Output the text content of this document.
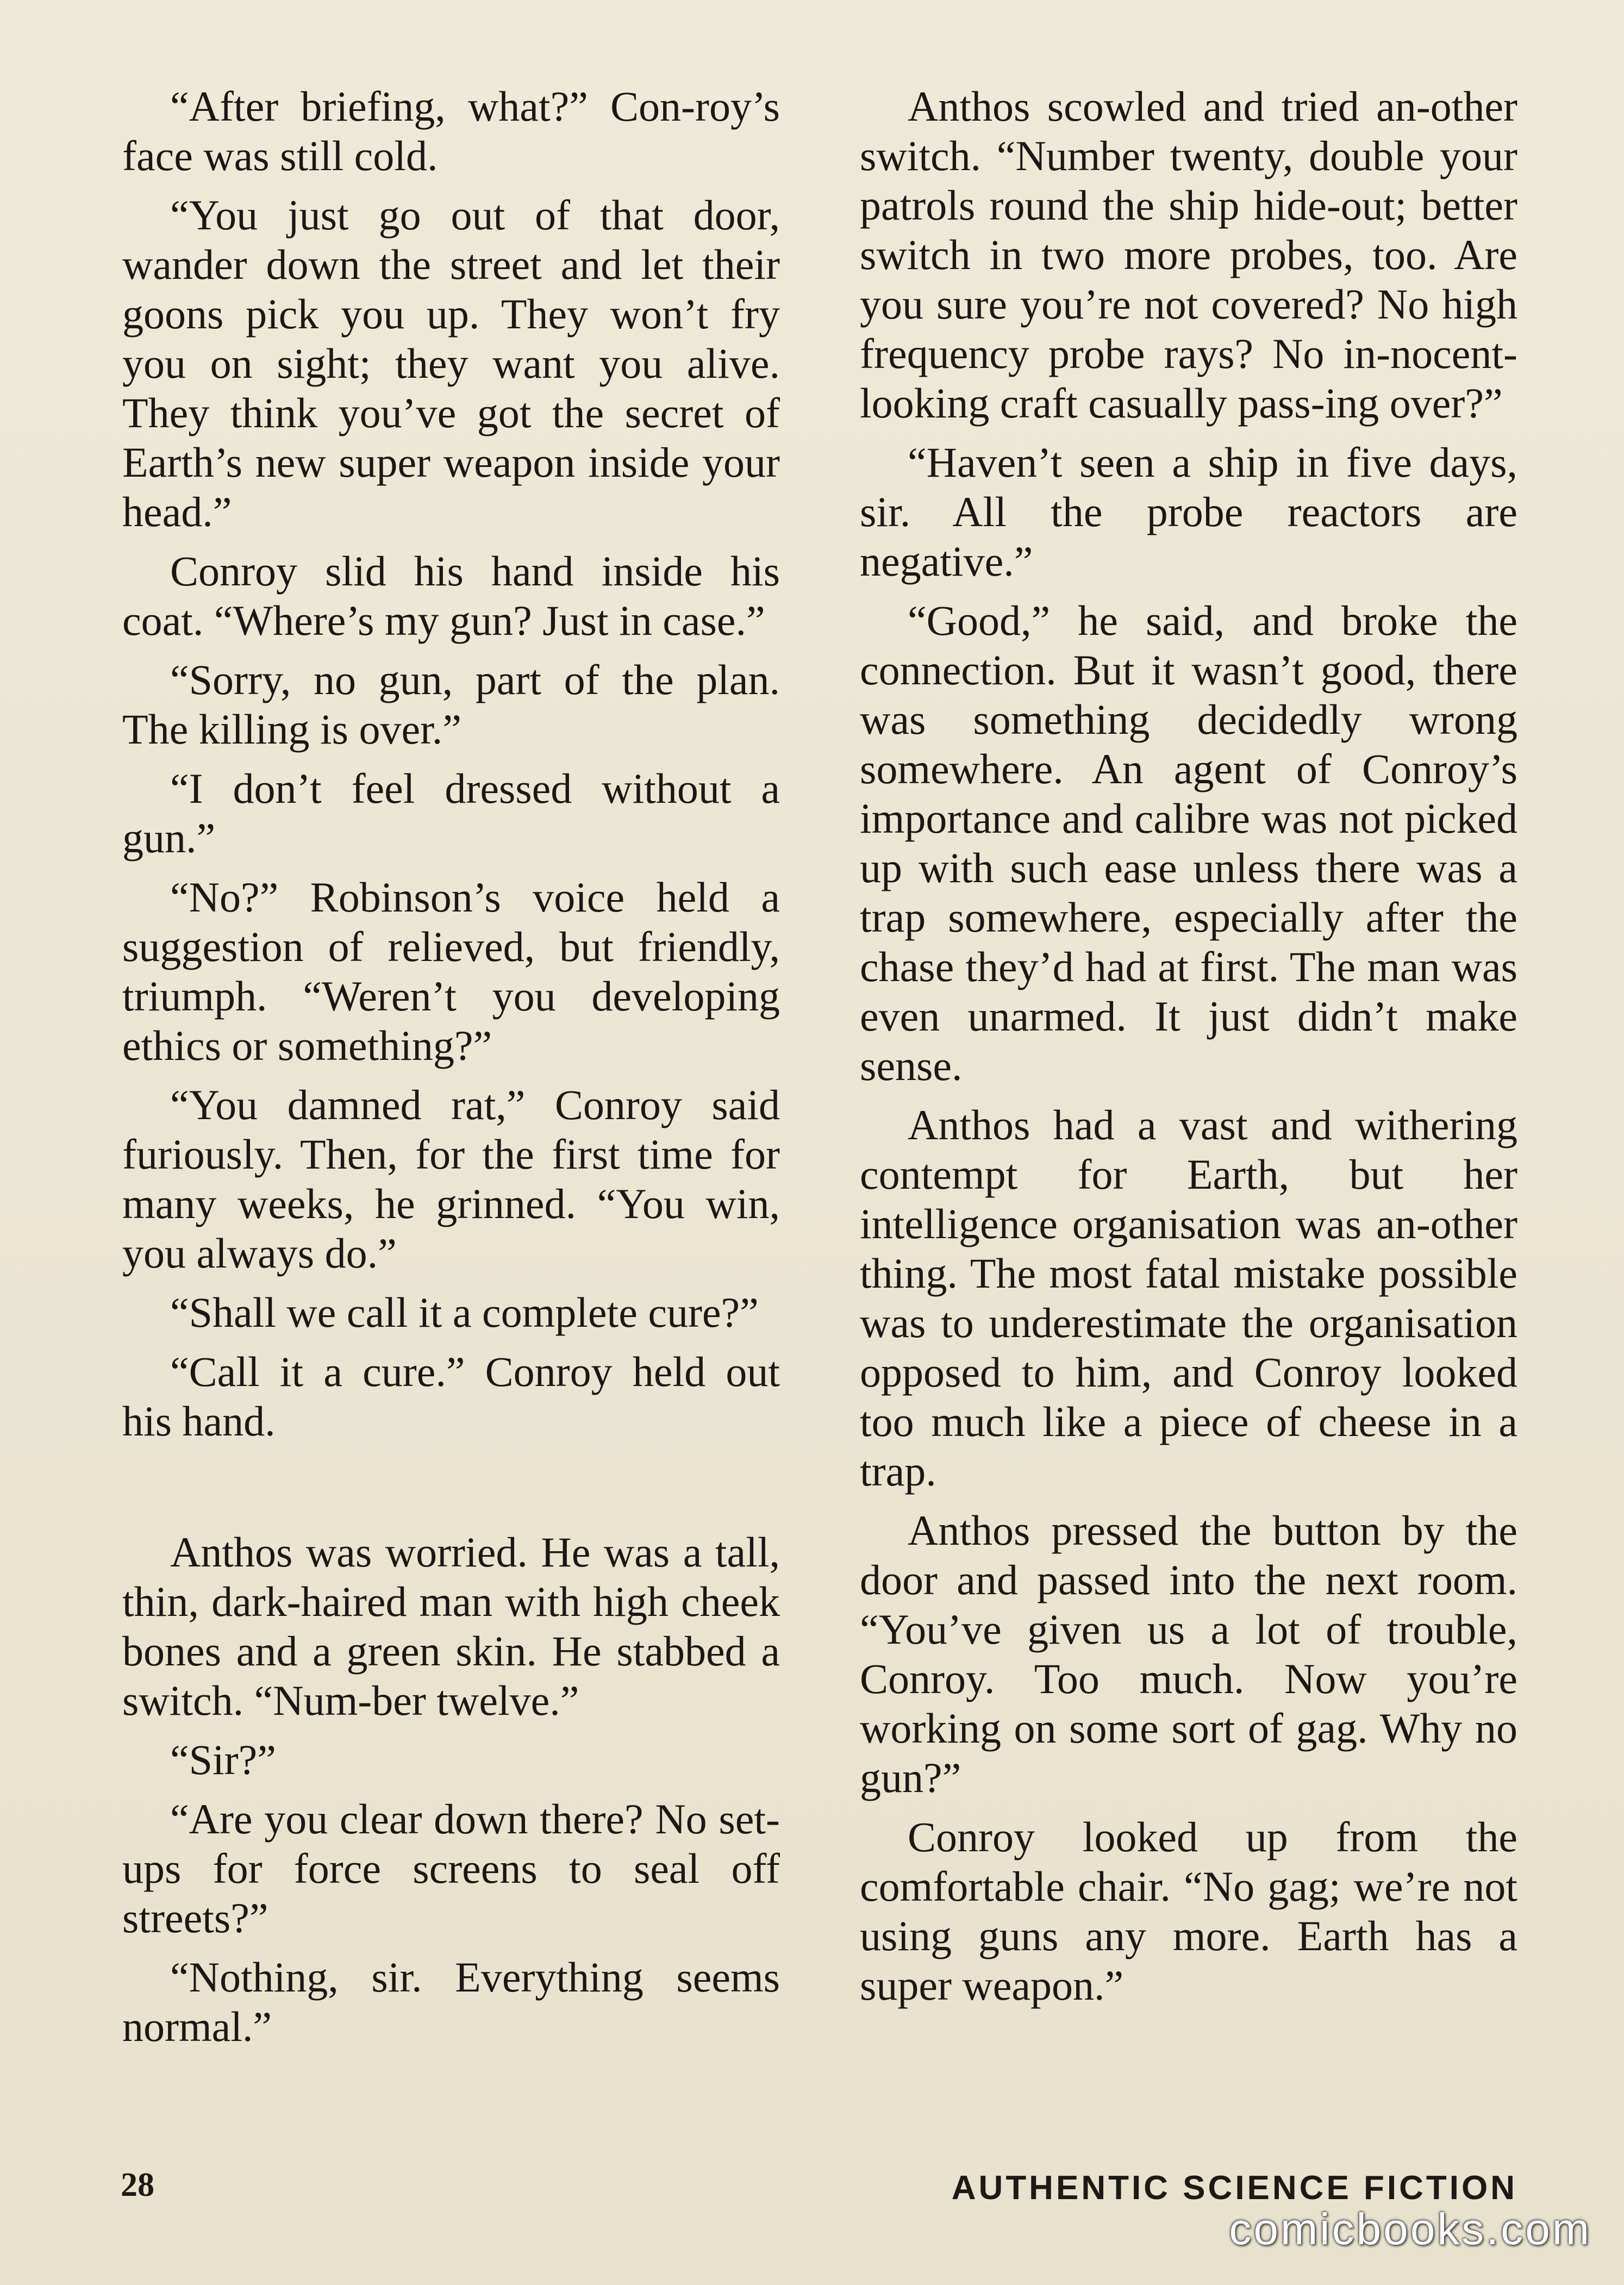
“After briefing, what?” Con-roy’s face was still cold.

“You just go out of that door, wander down the street and let their goons pick you up. They won’t fry you on sight; they want you alive. They think you’ve got the secret of Earth’s new super weapon inside your head.”

Conroy slid his hand inside his coat. “Where’s my gun? Just in case.”

“Sorry, no gun, part of the plan. The killing is over.”

“I don’t feel dressed without a gun.”

“No?” Robinson’s voice held a suggestion of relieved, but friendly, triumph. “Weren’t you developing ethics or something?”

“You damned rat,” Conroy said furiously. Then, for the first time for many weeks, he grinned. “You win, you always do.”

“Shall we call it a complete cure?”

“Call it a cure.” Conroy held out his hand.

Anthos was worried. He was a tall, thin, dark-haired man with high cheek bones and a green skin. He stabbed a switch. “Num-ber twelve.”

“Sir?”

“Are you clear down there? No set-ups for force screens to seal off streets?”

“Nothing, sir. Everything seems normal.”

Anthos scowled and tried an-other switch. “Number twenty, double your patrols round the ship hide-out; better switch in two more probes, too. Are you sure you’re not covered? No high frequency probe rays? No in-nocent-looking craft casually pass-ing over?”

“Haven’t seen a ship in five days, sir. All the probe reactors are negative.”

“Good,” he said, and broke the connection. But it wasn’t good, there was something decidedly wrong somewhere. An agent of Conroy’s importance and calibre was not picked up with such ease unless there was a trap somewhere, especially after the chase they’d had at first. The man was even unarmed. It just didn’t make sense.

Anthos had a vast and withering contempt for Earth, but her intelligence organisation was an-other thing. The most fatal mistake possible was to underestimate the organisation opposed to him, and Conroy looked too much like a piece of cheese in a trap.

Anthos pressed the button by the door and passed into the next room. “You’ve given us a lot of trouble, Conroy. Too much. Now you’re working on some sort of gag. Why no gun?”

Conroy looked up from the comfortable chair. “No gag; we’re not using guns any more. Earth has a super weapon.”

28	AUTHENTIC SCIENCE FICTION
comicbooks.com
